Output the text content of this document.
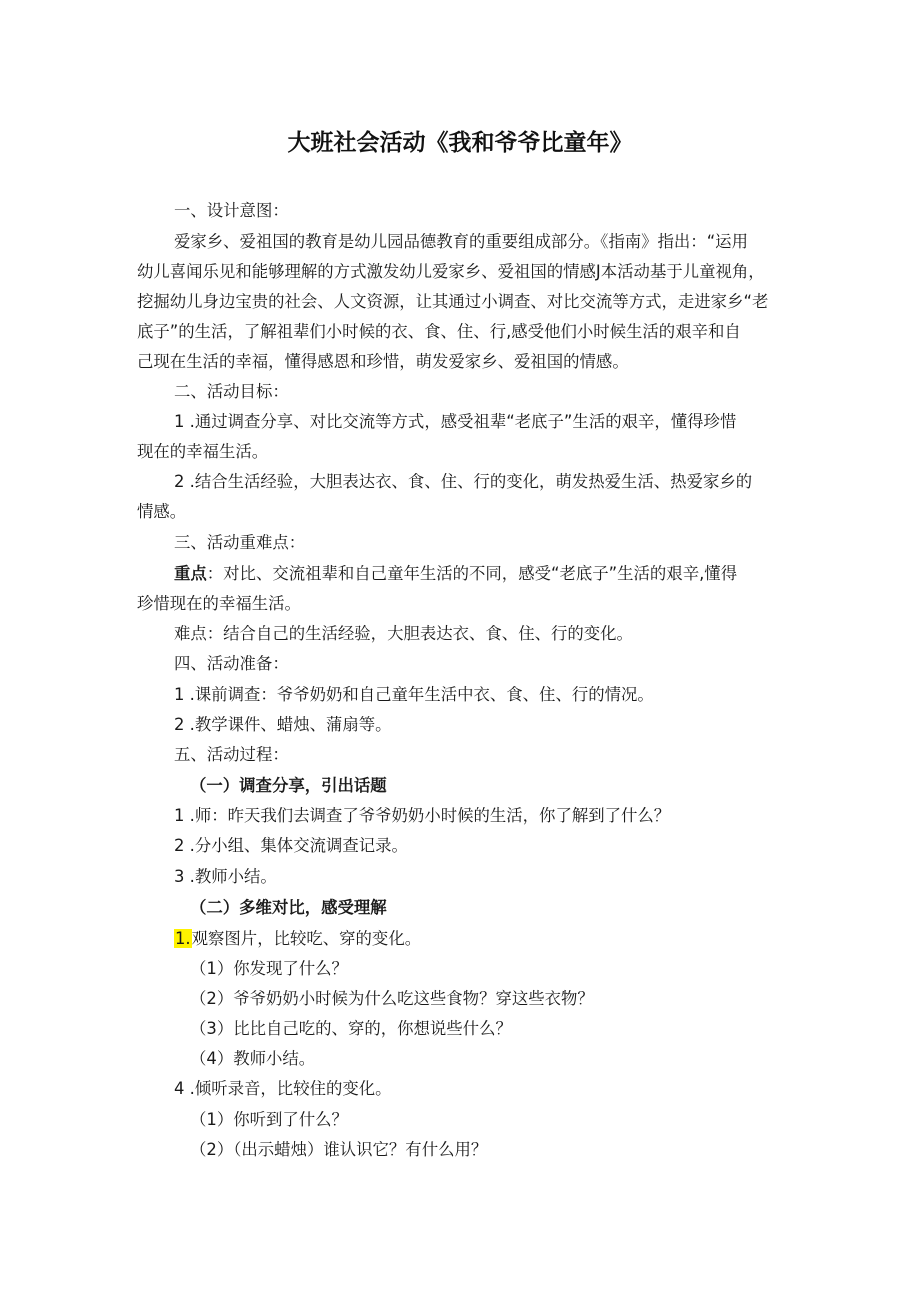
大班社会活动《我和爷爷比童年》
一、设计意图：
爱家乡、爱祖国的教育是幼儿园品德教育的重要组成部分。《指南》指出：“运用
幼儿喜闻乐见和能够理解的方式激发幼儿爱家乡、爱祖国的情感J本活动基于儿童视角，
挖掘幼儿身边宝贵的社会、人文资源，让其通过小调查、对比交流等方式，走进家乡“老
底子”的生活，了解祖辈们小时候的衣、食、住、行,感受他们小时候生活的艰辛和自
己现在生活的幸福，懂得感恩和珍惜，萌发爱家乡、爱祖国的情感。
二、活动目标：
1 .通过调查分享、对比交流等方式，感受祖辈“老底子”生活的艰辛，懂得珍惜
现在的幸福生活。
2 .结合生活经验，大胆表达衣、食、住、行的变化，萌发热爱生活、热爱家乡的
情感。
三、活动重难点：
重点：对比、交流祖辈和自己童年生活的不同，感受“老底子”生活的艰辛,懂得
珍惜现在的幸福生活。
难点：结合自己的生活经验，大胆表达衣、食、住、行的变化。
四、活动准备：
1 .课前调查：爷爷奶奶和自己童年生活中衣、食、住、行的情况。
2 .教学课件、蜡烛、蒲扇等。
五、活动过程：
（一）调查分享，引出话题
1 .师：昨天我们去调查了爷爷奶奶小时候的生活，你了解到了什么？
2 .分小组、集体交流调查记录。
3 .教师小结。
（二）多维对比，感受理解
1.观察图片，比较吃、穿的变化。
（1）你发现了什么？
（2）爷爷奶奶小时候为什么吃这些食物？穿这些衣物？
（3）比比自己吃的、穿的，你想说些什么？
（4）教师小结。
4 .倾听录音，比较住的变化。
（1）你听到了什么？
（2）（出示蜡烛）谁认识它？有什么用？
